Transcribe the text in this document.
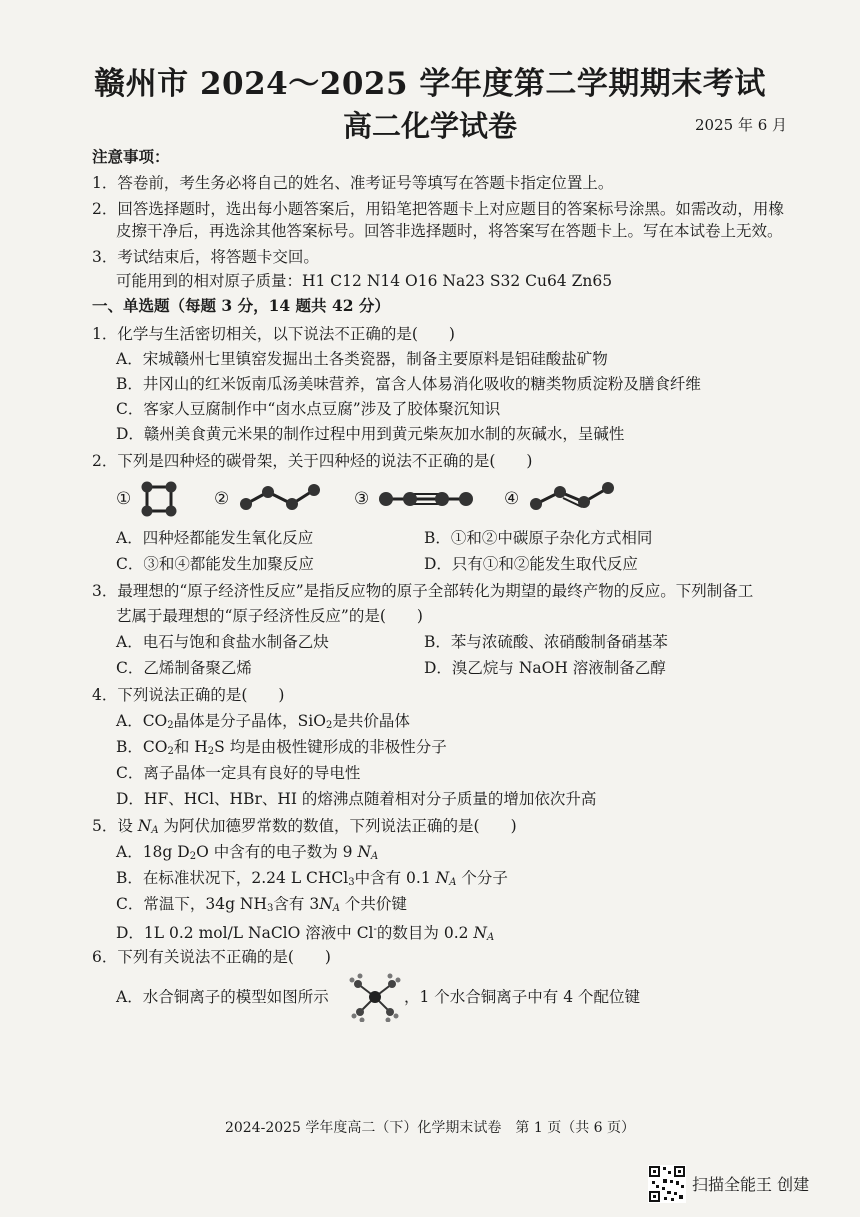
赣州市 2024～2025 学年度第二学期期末考试
高二化学试卷	2025 年 6 月
注意事项：
1．答卷前，考生务必将自己的姓名、准考证号等填写在答题卡指定位置上。
2．回答选择题时，选出每小题答案后，用铅笔把答题卡上对应题目的答案标号涂黑。如需改动，用橡
皮擦干净后，再选涂其他答案标号。回答非选择题时，将答案写在答题卡上。写在本试卷上无效。
3．考试结束后，将答题卡交回。
可能用到的相对原子质量：H1 C12 N14 O16 Na23 S32 Cu64 Zn65
一、单选题（每题 3 分，14 题共 42 分）
1．化学与生活密切相关，以下说法不正确的是(　　)
A．宋城赣州七里镇窑发掘出土各类瓷器，制备主要原料是铝硅酸盐矿物
B．井冈山的红米饭南瓜汤美味营养，富含人体易消化吸收的糖类物质淀粉及膳食纤维
C．客家人豆腐制作中“卤水点豆腐”涉及了胶体聚沉知识
D．赣州美食黄元米果的制作过程中用到黄元柴灰加水制的灰碱水，呈碱性
2．下列是四种烃的碳骨架，关于四种烃的说法不正确的是(　　)
①	②	③	④
A．四种烃都能发生氧化反应	B．①和②中碳原子杂化方式相同
C．③和④都能发生加聚反应	D．只有①和②能发生取代反应
3．最理想的“原子经济性反应”是指反应物的原子全部转化为期望的最终产物的反应。下列制备工
艺属于最理想的“原子经济性反应”的是(　　)
A．电石与饱和食盐水制备乙炔	B．苯与浓硫酸、浓硝酸制备硝基苯
C．乙烯制备聚乙烯	D．溴乙烷与 NaOH 溶液制备乙醇
4．下列说法正确的是(　　)
A．$CO_2$晶体是分子晶体，SiO$_2$是共价晶体
B．$CO_2$和 $H_2S$ 均是由极性键形成的非极性分子
C．离子晶体一定具有良好的导电性
D．HF、HCl、HBr、HI 的熔沸点随着相对分子质量的增加依次升高
5．设 $N_A$ 为阿伏加德罗常数的数值，下列说法正确的是(　　)
A．18g $D_2O$ 中含有的电子数为 9 $N_A$
B．在标准状况下，2.24 L CHCl$_3$中含有 0.1 $N_A$ 个分子
C．常温下，34g $NH_3$含有 $3N_A$ 个共价键
D．1L 0.2 mol/L NaClO 溶液中 Cl-的数目为 0.2 $N_A$
6．下列有关说法不正确的是(　　)
A．水合铜离子的模型如图所示	，1 个水合铜离子中有 4 个配位键
2024-2025 学年度高二（下）化学期末试卷　第 1 页（共 6 页）
扫描全能王 创建
